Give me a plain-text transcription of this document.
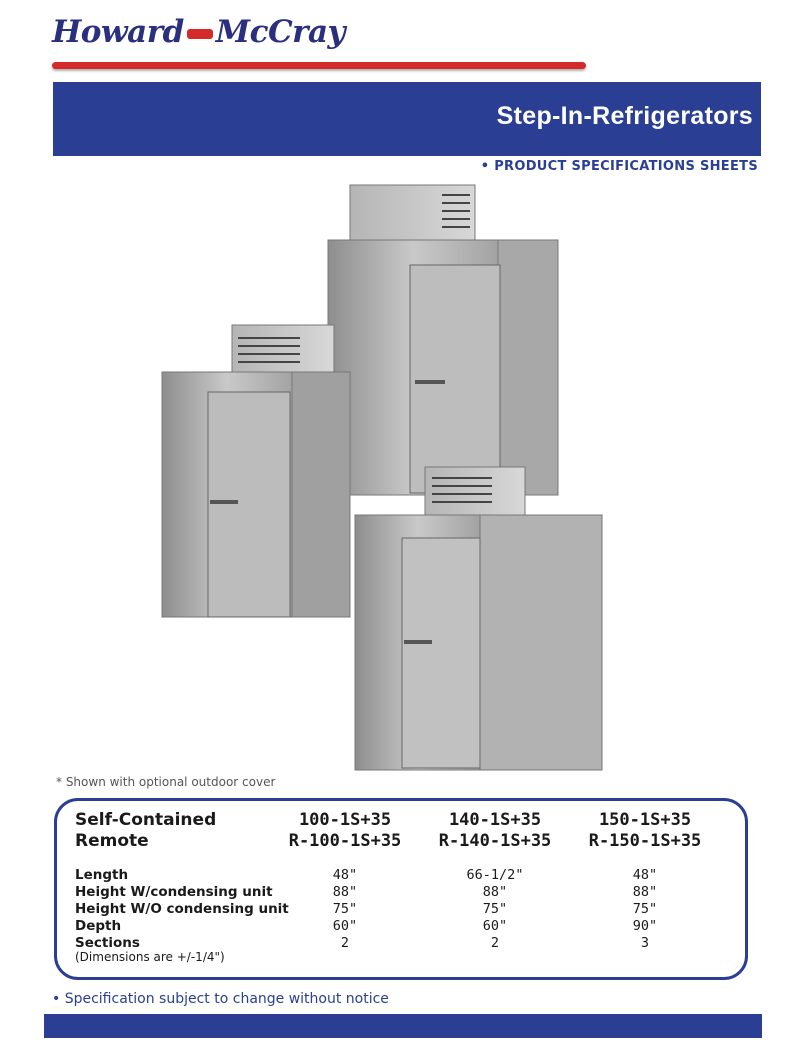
Howard McCray
Step-In-Refrigerators
• PRODUCT SPECIFICATIONS SHEETS
* Shown with optional outdoor cover
Self-Contained	100-1S+35	140-1S+35	150-1S+35
Remote	R-100-1S+35	R-140-1S+35	R-150-1S+35
Length	48"	66-1/2"	48"
Height W/condensing unit	88"	88"	88"
Height W/O condensing unit	75"	75"	75"
Depth	60"	60"	90"
Sections	2	2	3
(Dimensions are +/-1/4")
• Specification subject to change without notice
